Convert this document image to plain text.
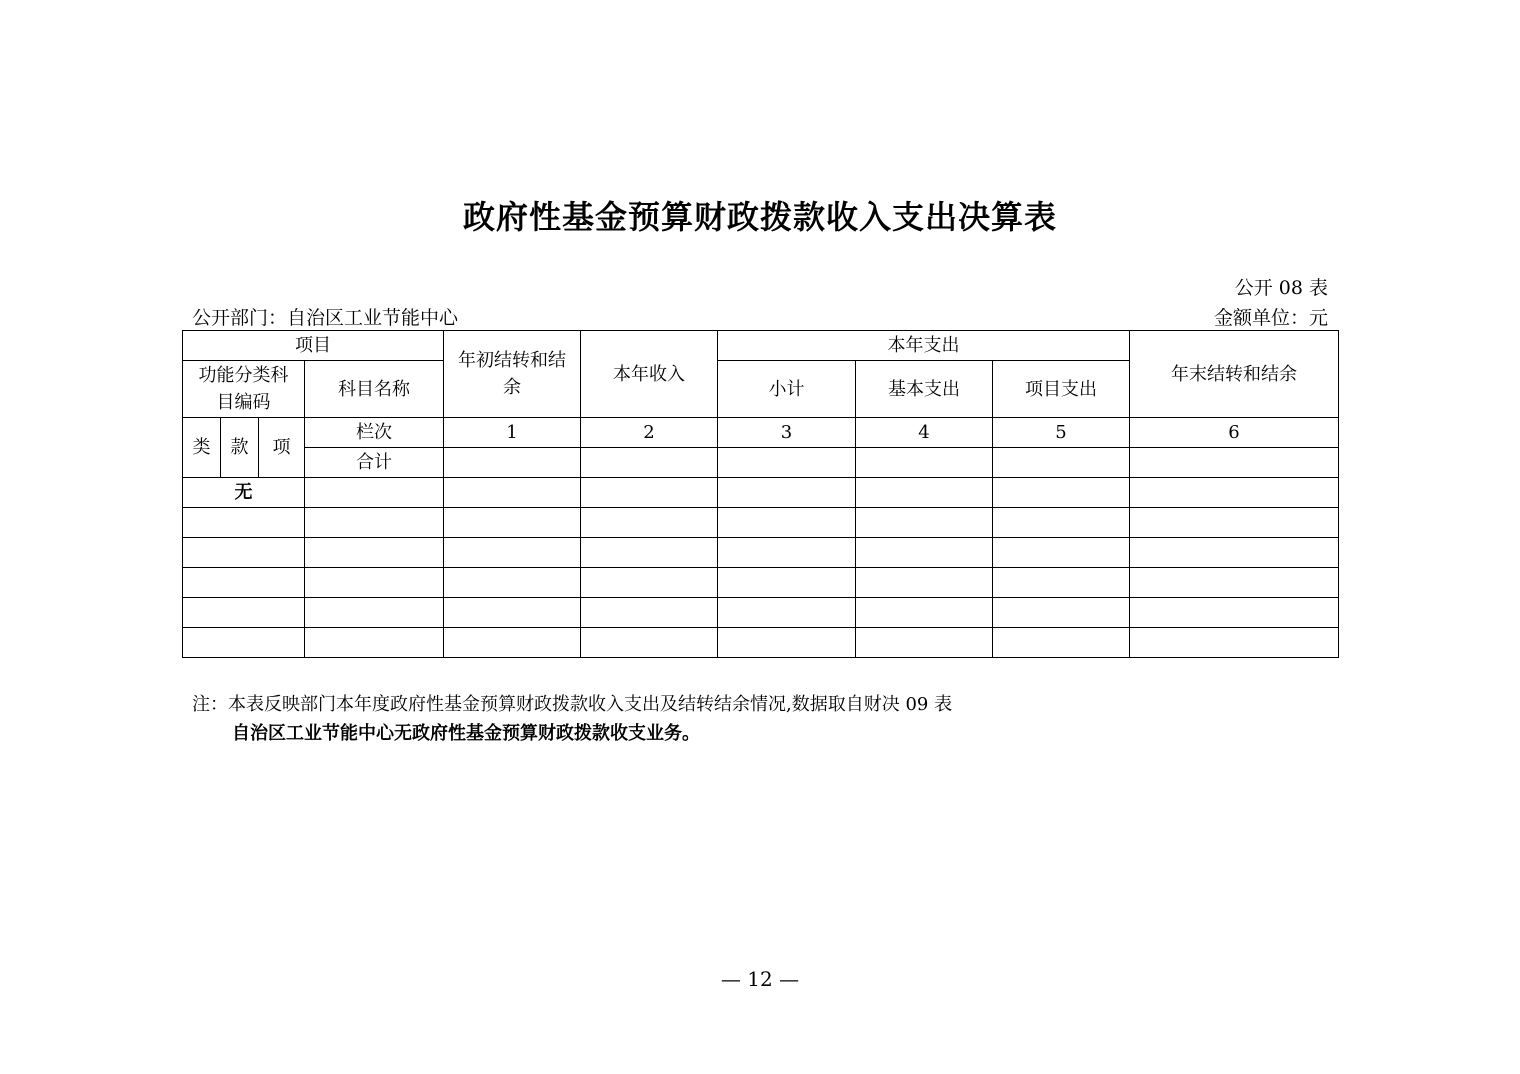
政府性基金预算财政拨款收入支出决算表
公开 08 表
公开部门：自治区工业节能中心	金额单位：元
项目				年初结转和结余	本年收入	本年支出			年末结转和结余

功能分类科目编码			科目名称			小计	基本支出	项目支出	
类	款	项	栏次	1	2	3	4	5	6
			合计						
无									

注：本表反映部门本年度政府性基金预算财政拨款收入支出及结转结余情况,数据取自财决 09 表
自治区工业节能中心无政府性基金预算财政拨款收支业务。
— 12 —
